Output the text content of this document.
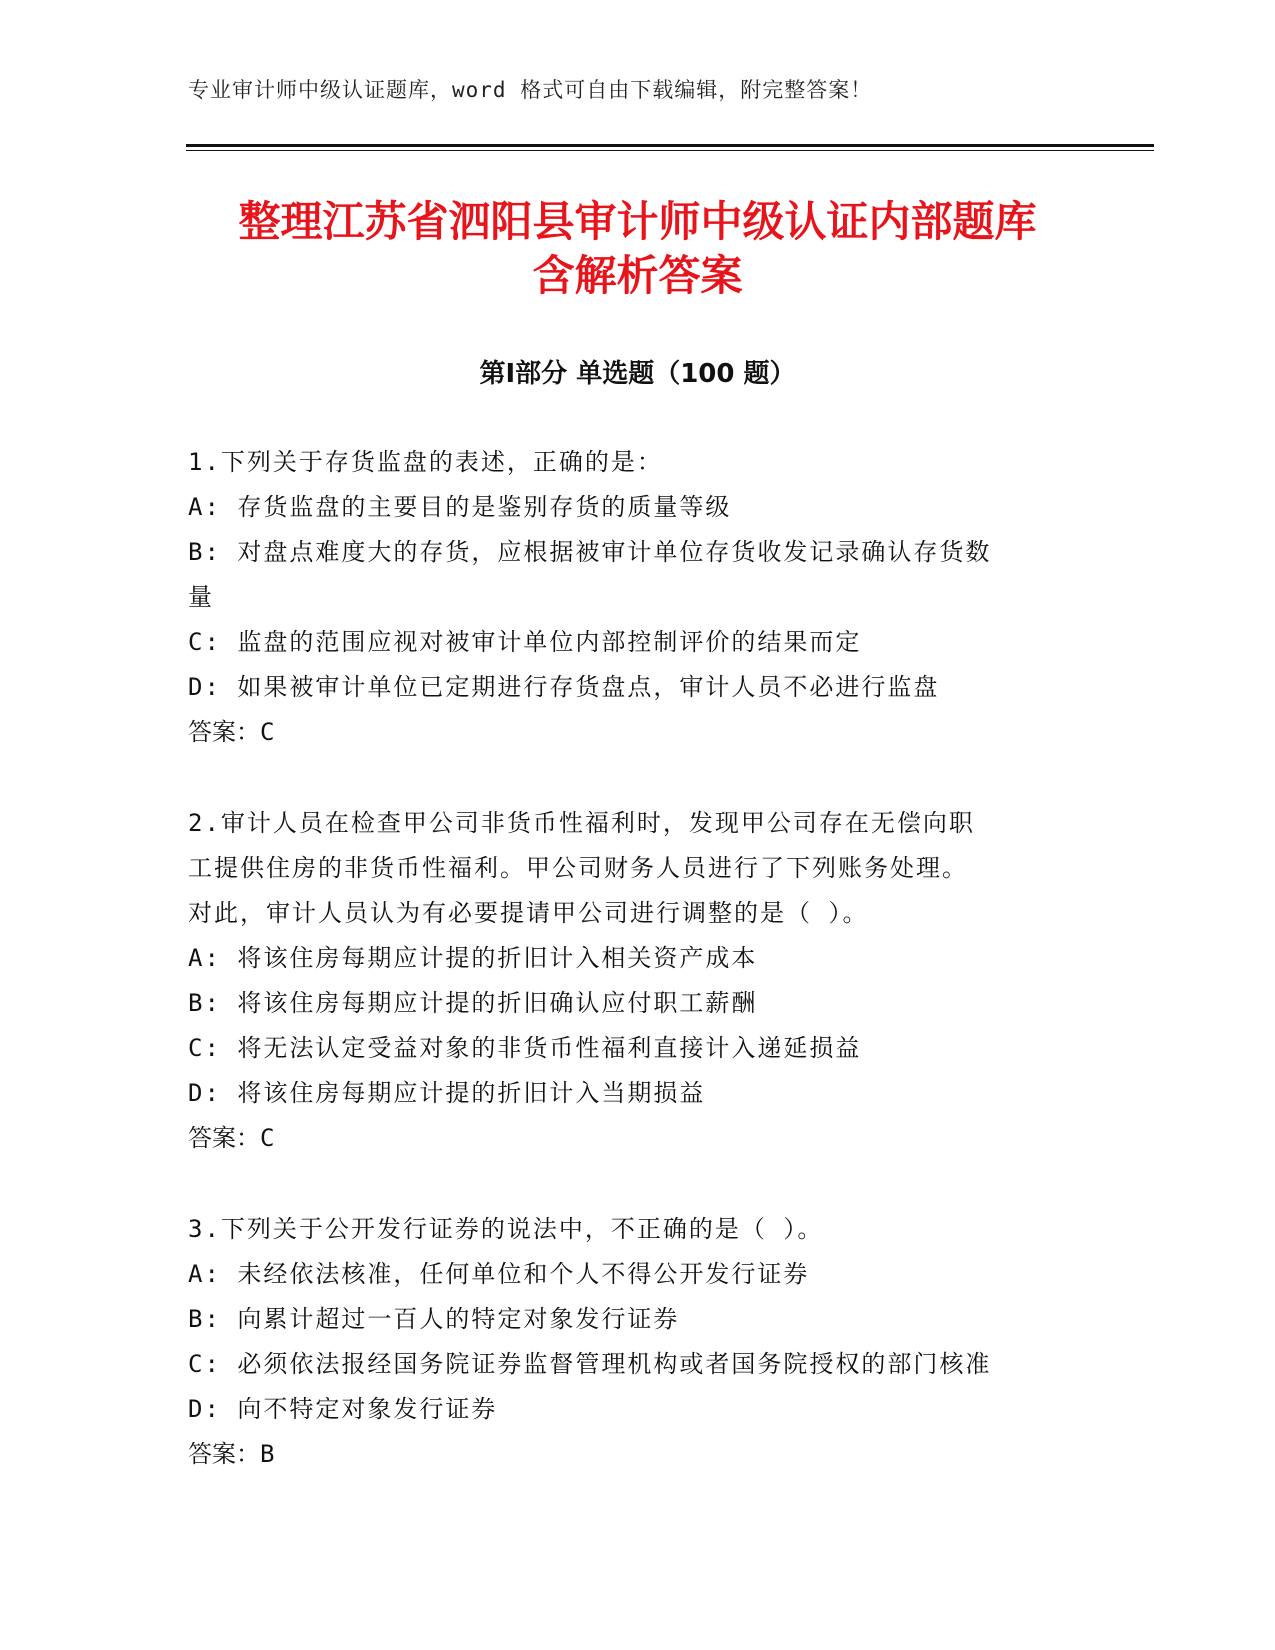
专业审计师中级认证题库，word 格式可自由下载编辑，附完整答案！
整理江苏省泗阳县审计师中级认证内部题库
含解析答案
第Ⅰ部分 单选题（100 题）
1.下列关于存货监盘的表述，正确的是：
A: 存货监盘的主要目的是鉴别存货的质量等级
B: 对盘点难度大的存货，应根据被审计单位存货收发记录确认存货数
量
C: 监盘的范围应视对被审计单位内部控制评价的结果而定
D: 如果被审计单位已定期进行存货盘点，审计人员不必进行监盘
答案：C
2.审计人员在检查甲公司非货币性福利时，发现甲公司存在无偿向职
工提供住房的非货币性福利。甲公司财务人员进行了下列账务处理。
对此，审计人员认为有必要提请甲公司进行调整的是（ ）。
A: 将该住房每期应计提的折旧计入相关资产成本
B: 将该住房每期应计提的折旧确认应付职工薪酬
C: 将无法认定受益对象的非货币性福利直接计入递延损益
D: 将该住房每期应计提的折旧计入当期损益
答案：C
3.下列关于公开发行证券的说法中，不正确的是（ ）。
A: 未经依法核准，任何单位和个人不得公开发行证券
B: 向累计超过一百人的特定对象发行证券
C: 必须依法报经国务院证券监督管理机构或者国务院授权的部门核准
D: 向不特定对象发行证券
答案：B
